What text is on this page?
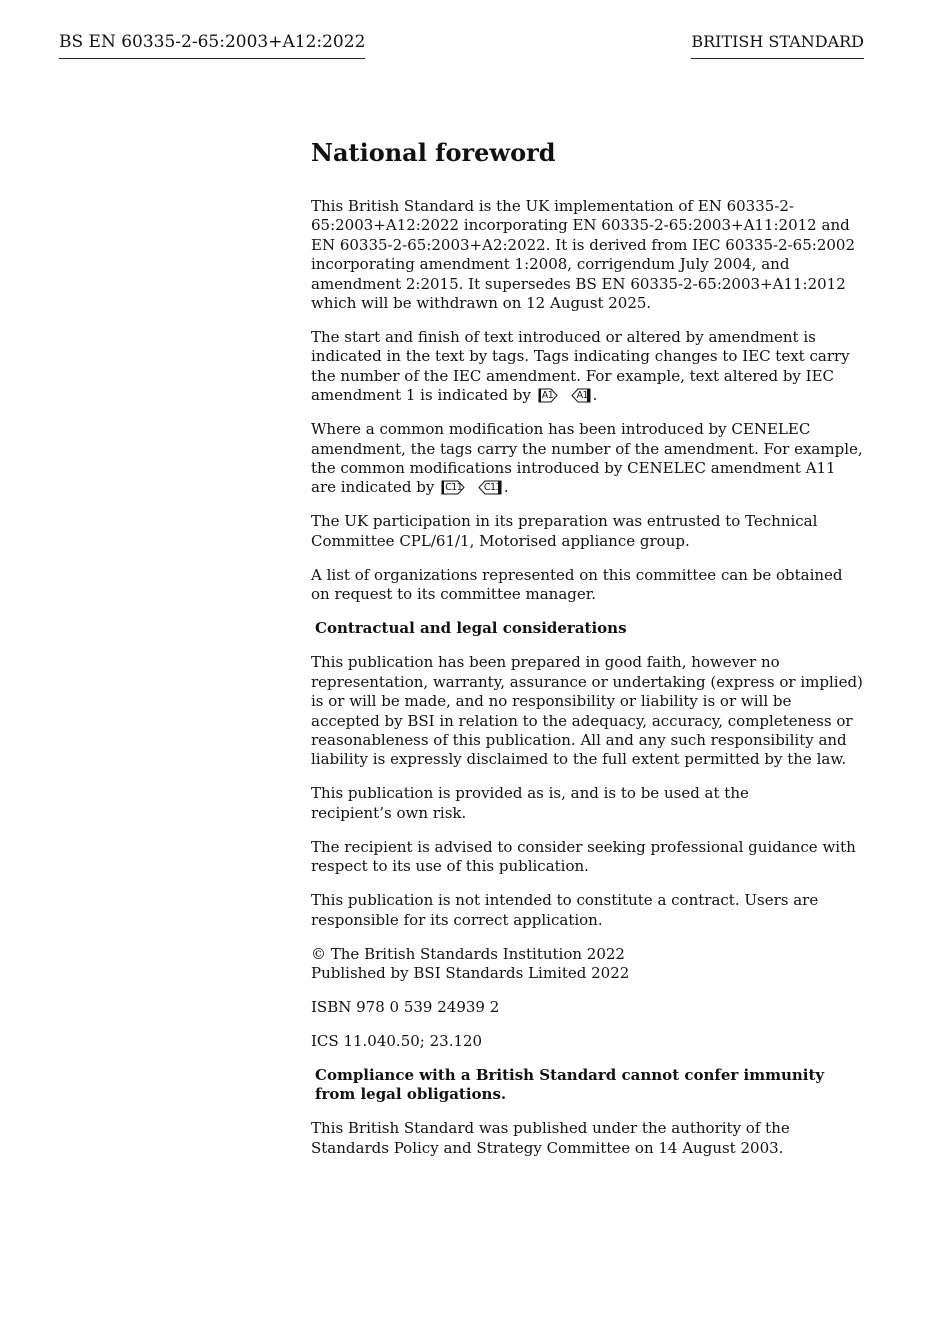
BS EN 60335-2-65:2003+A12:2022	BRITISH STANDARD
National foreword

This British Standard is the UK implementation of EN 60335-2-65:2003+A12:2022 incorporating EN 60335-2-65:2003+A11:2012 and EN 60335-2-65:2003+A2:2022. It is derived from IEC 60335-2-65:2002 incorporating amendment 1:2008, corrigendum July 2004, and amendment 2:2015. It supersedes BS EN 60335-2-65:2003+A11:2012 which will be withdrawn on 12 August 2025.

The start and finish of text introduced or altered by amendment is indicated in the text by tags. Tags indicating changes to IEC text carry the number of the IEC amendment. For example, text altered by IEC amendment 1 is indicated by A1
A1 .

Where a common modification has been introduced by CENELEC amendment, the tags carry the number of the amendment. For example, the common modifications introduced by CENELEC amendment A11 are indicated by C11
C11 .

The UK participation in its preparation was entrusted to Technical Committee CPL/61/1, Motorised appliance group.

A list of organizations represented on this committee can be obtained on request to its committee manager.

Contractual and legal considerations

This publication has been prepared in good faith, however no representation, warranty, assurance or undertaking (express or implied) is or will be made, and no responsibility or liability is or will be accepted by BSI in relation to the adequacy, accuracy, completeness or reasonableness of this publication. All and any such responsibility and liability is expressly disclaimed to the full extent permitted by the law.

This publication is provided as is, and is to be used at the
recipient’s own risk.

The recipient is advised to consider seeking professional guidance with respect to its use of this publication.

This publication is not intended to constitute a contract. Users are responsible for its correct application.

© The British Standards Institution 2022
Published by BSI Standards Limited 2022

ISBN 978 0 539 24939 2

ICS 11.040.50; 23.120

Compliance with a British Standard cannot confer immunity from legal obligations.

This British Standard was published under the authority of the Standards Policy and Strategy Committee on 14 August 2003.
